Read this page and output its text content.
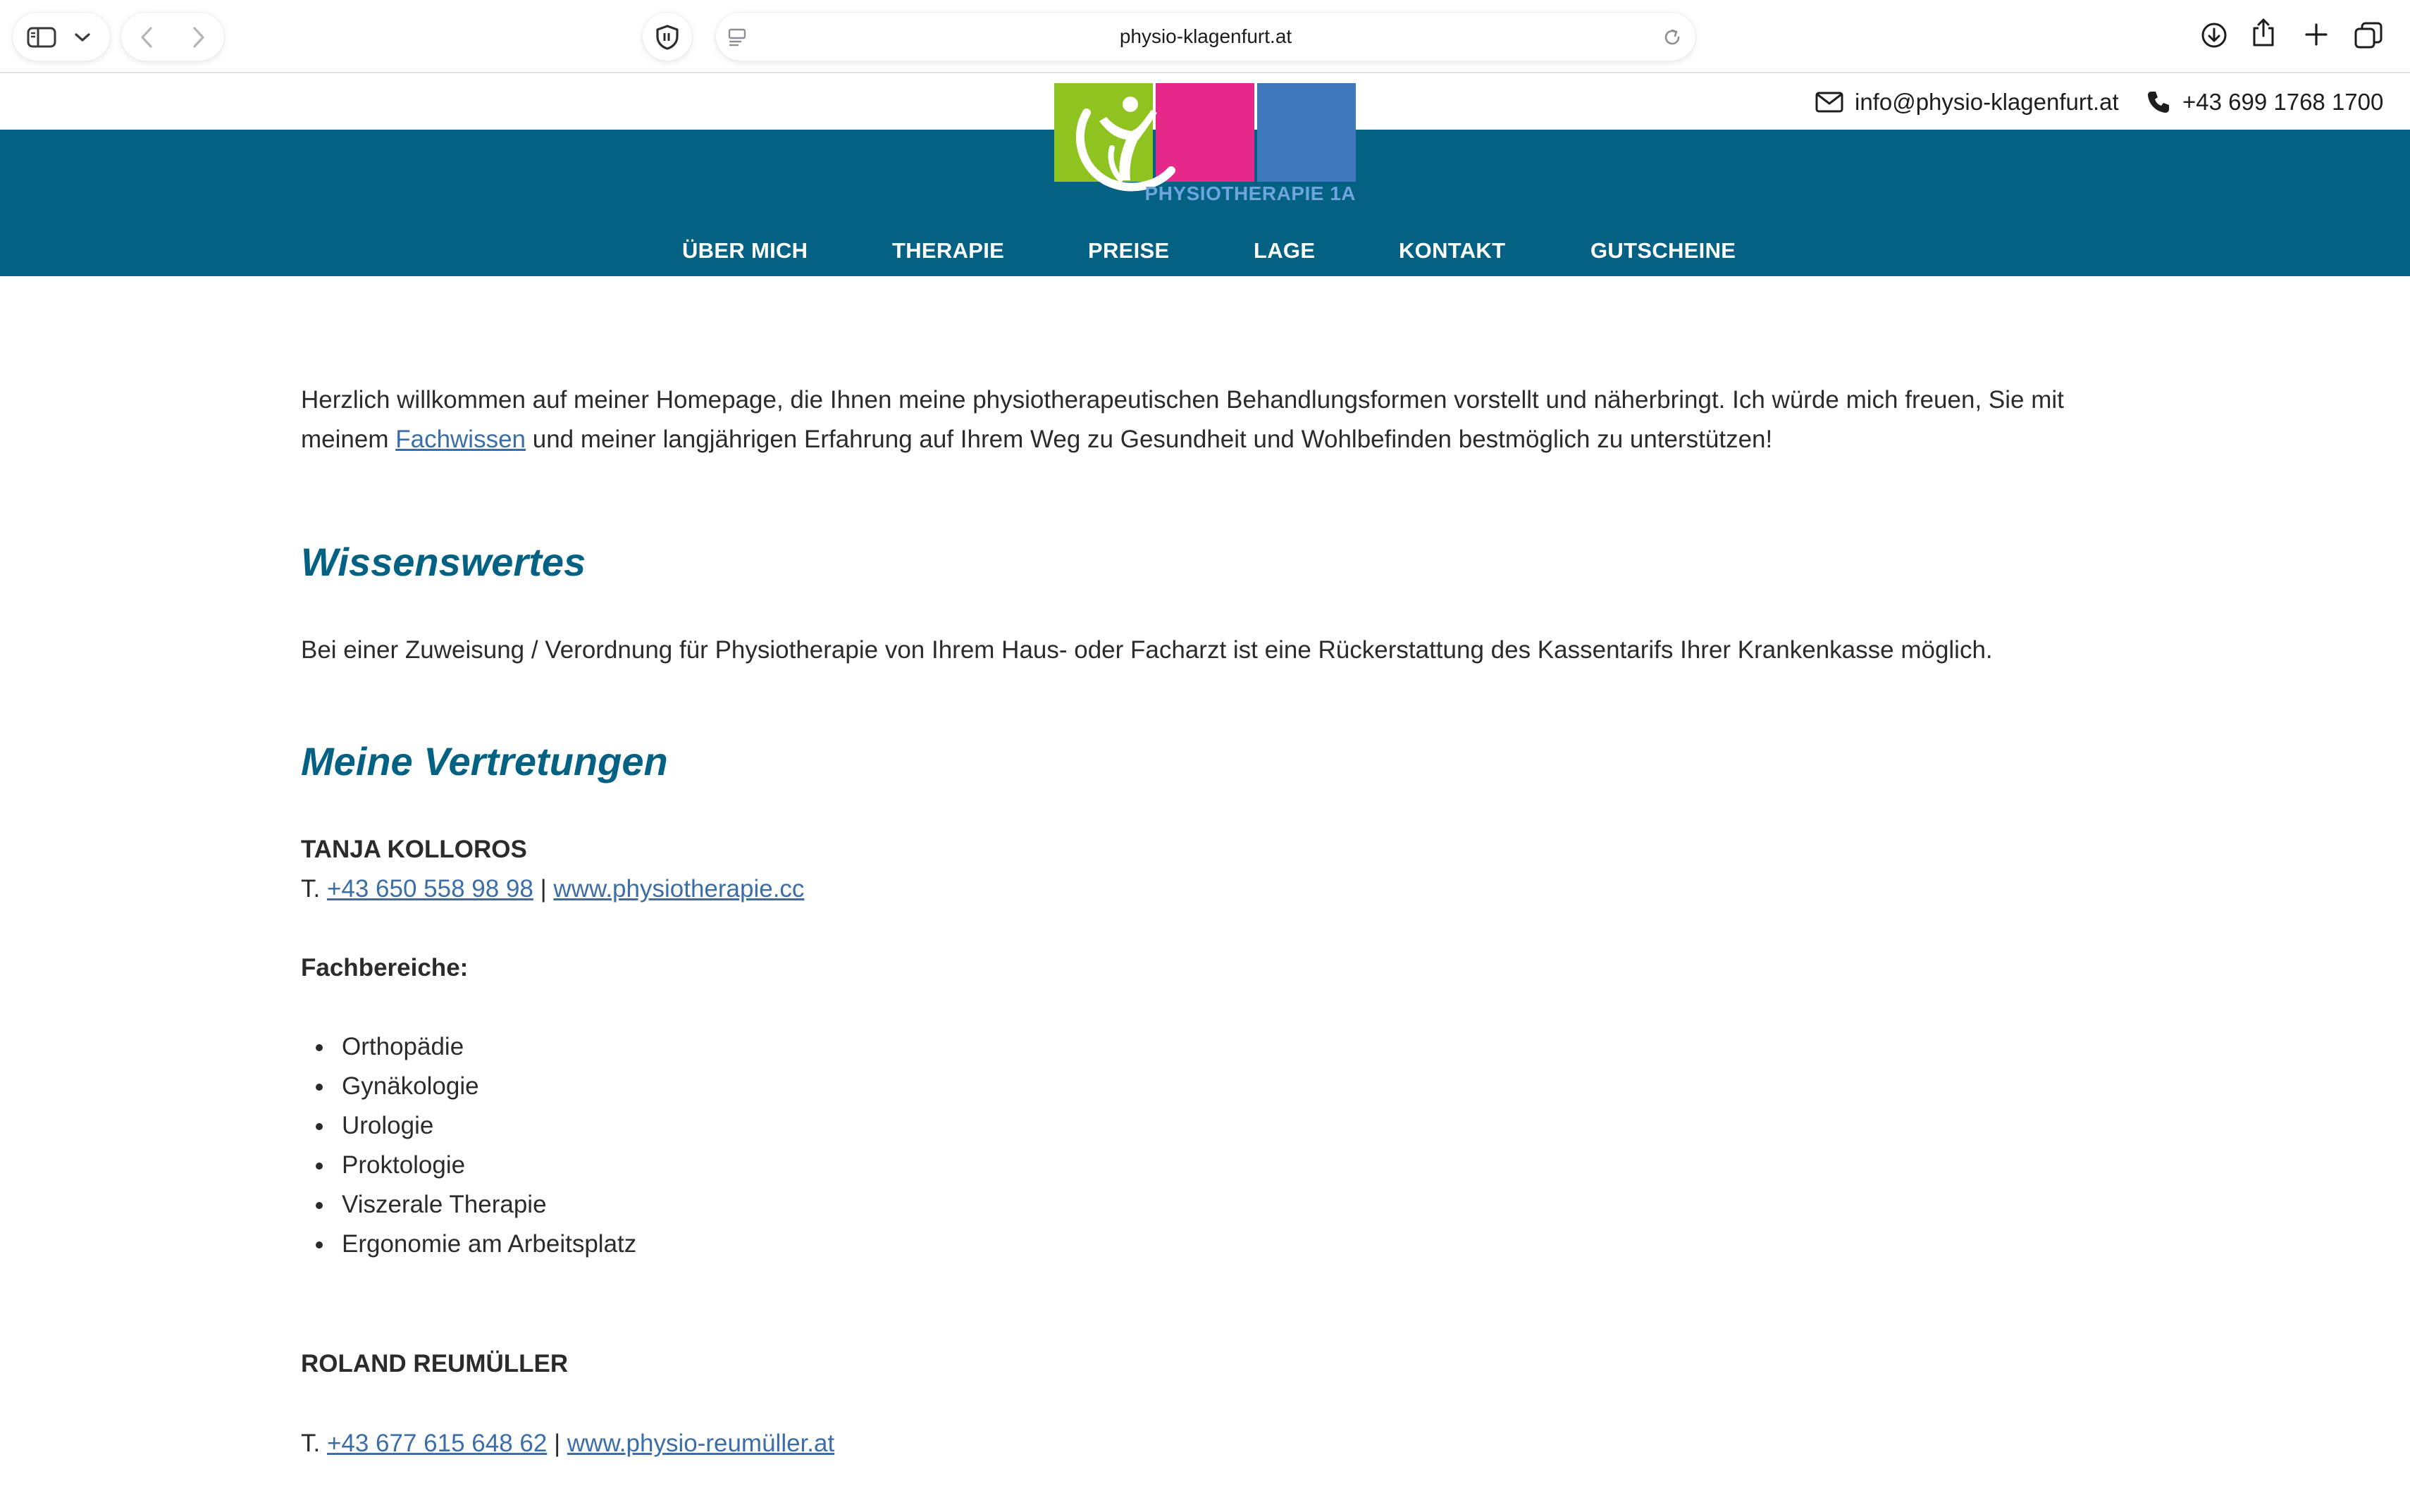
physio-klagenfurt.at
info@physio-klagenfurt.at	+43 699 1768 1700
ÜBER MICH	THERAPIE	PREISE	LAGE	KONTAKT	GUTSCHEINE
PHYSIOTHERAPIE 1A

Herzlich willkommen auf meiner Homepage, die Ihnen meine physiotherapeutischen Behandlungsformen vorstellt und näherbringt. Ich würde mich freuen, Sie mit meinem Fachwissen und meiner langjährigen Erfahrung auf Ihrem Weg zu Gesundheit und Wohlbefinden bestmöglich zu unterstützen!

Wissenswertes

Bei einer Zuweisung / Verordnung für Physiotherapie von Ihrem Haus- oder Facharzt ist eine Rückerstattung des Kassentarifs Ihrer Krankenkasse möglich.

Meine Vertretungen
TANJA KOLLOROS
T. +43 650 558 98 98 | www.physiotherapie.cc
Fachbereiche:
Orthopädie
Gynäkologie
Urologie
Proktologie
Viszerale Therapie
Ergonomie am Arbeitsplatz
ROLAND REUMÜLLER
T. +43 677 615 648 62 | www.physio-reumüller.at
